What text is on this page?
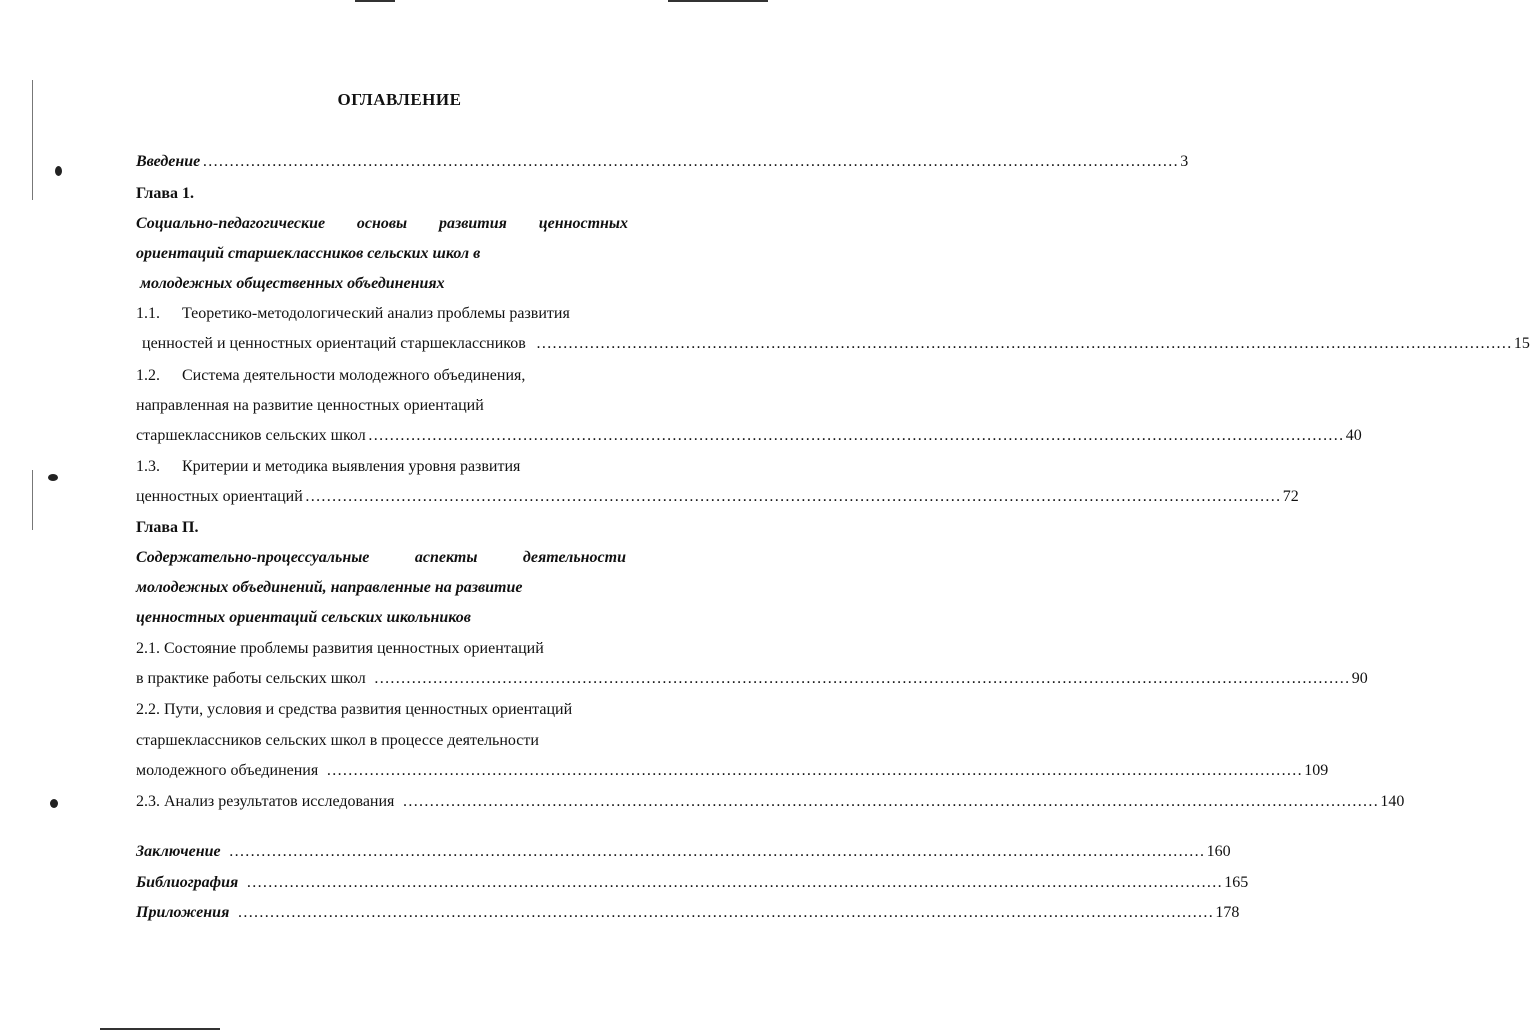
ОГЛАВЛЕНИЕ
Введение ………………………………………………………………………………………………………………………………………………………………… 3
Глава 1.
Социально-педагогические основы развития ценностных
ориентаций старшеклассников сельских школ в
молодежных общественных объединениях
1.1. Теоретико-методологический анализ проблемы развития
ценностей и ценностных ориентаций старшеклассников ………………………………………………………………………………………………………………………………………………………………… 15
1.2. Система деятельности молодежного объединения,
направленная на развитие ценностных ориентаций
старшеклассников сельских школ ………………………………………………………………………………………………………………………………………………………………… 40
1.3. Критерии и методика выявления уровня развития
ценностных ориентаций ………………………………………………………………………………………………………………………………………………………………… 72
Глава П.
Содержательно-процессуальные	аспекты	деятельности
молодежных объединений, направленные на развитие
ценностных ориентаций сельских школьников
2.1. Состояние проблемы развития ценностных ориентаций
в практике работы сельских школ ………………………………………………………………………………………………………………………………………………………………… 90
2.2. Пути, условия и средства развития ценностных ориентаций
старшеклассников сельских школ в процессе деятельности
молодежного объединения ………………………………………………………………………………………………………………………………………………………………… 109
2.3. Анализ результатов исследования ………………………………………………………………………………………………………………………………………………………………… 140
Заключение ………………………………………………………………………………………………………………………………………………………………… 160
Библиография ………………………………………………………………………………………………………………………………………………………………… 165
Приложения ………………………………………………………………………………………………………………………………………………………………… 178
